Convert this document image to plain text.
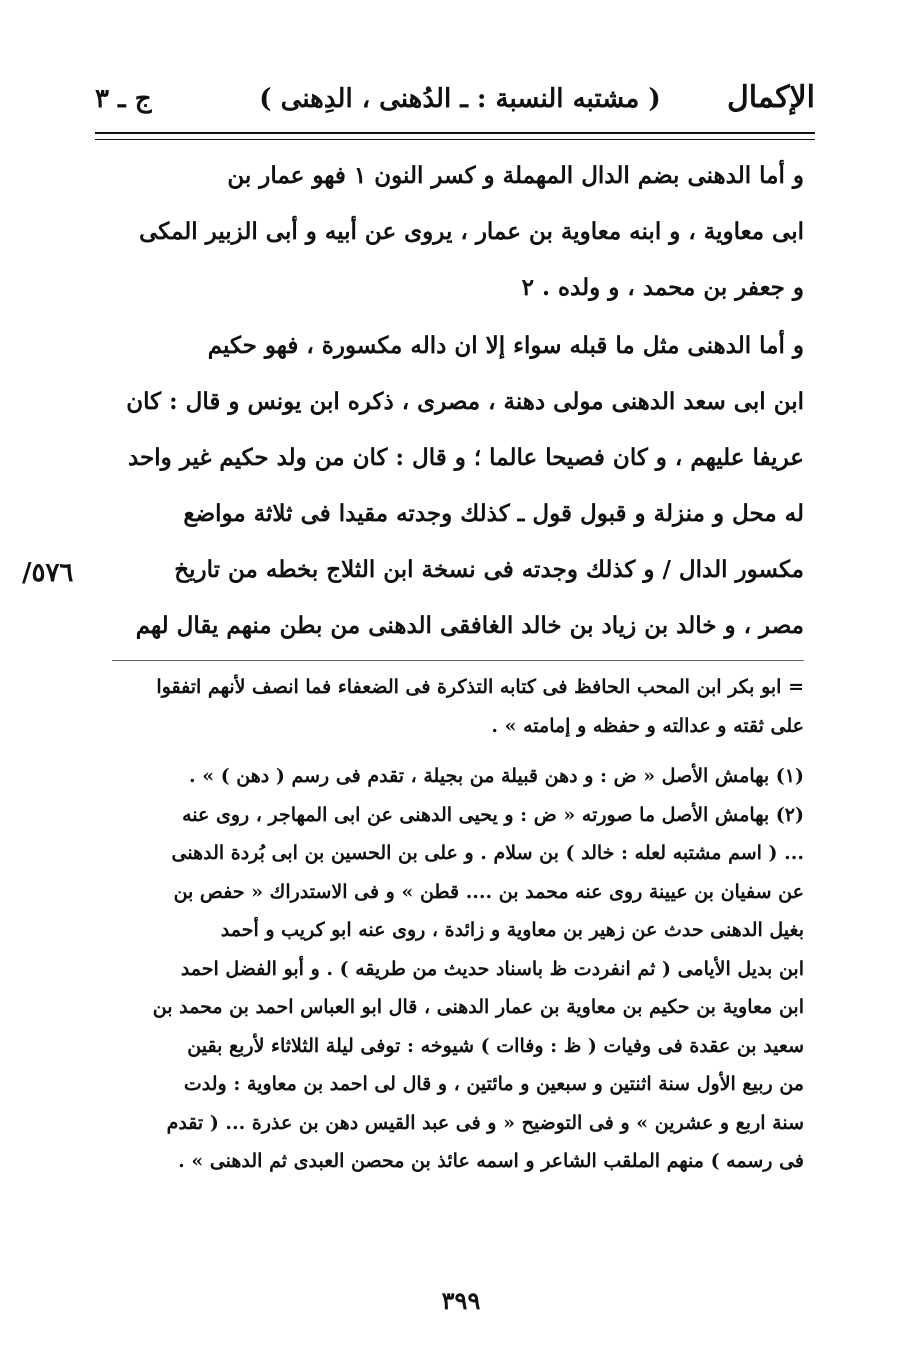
الإكمال
( مشتبه النسبة : ـ الدُهنى ، الدِهنى )
ج ـ ٣
و أما الدهنى بضم الدال المهملة و كسر النون ١ فهو عمار بن
ابى معاوية ، و ابنه معاوية بن عمار ، يروى عن أبيه و أبى الزبير المكى
و جعفر بن محمد ، و ولده . ٢
و أما الدهنى مثل ما قبله سواء إلا ان داله مكسورة ، فهو حكيم
ابن ابى سعد الدهنى مولى دهنة ، مصرى ، ذكره ابن يونس و قال : كان
عريفا عليهم ، و كان فصيحا عالما ؛ و قال : كان من ولد حكيم غير واحد
له محل و منزلة و قبول قول ـ كذلك وجدته مقيدا فى ثلاثة مواضع
مكسور الدال / و كذلك وجدته فى نسخة ابن الثلاج بخطه من تاريخ
مصر ، و خالد بن زياد بن خالد الغافقى الدهنى من بطن منهم يقال لهم
٥٧٦/
= ابو بكر ابن المحب الحافظ فى كتابه التذكرة فى الضعفاء فما انصف لأنهم اتفقوا
على ثقته و عدالته و حفظه و إمامته » .
(١) بهامش الأصل « ض : و دهن قبيلة من بجيلة ، تقدم فى رسم ( دهن ) » .
(٢) بهامش الأصل ما صورته « ض : و يحيى الدهنى عن ابى المهاجر ، روى عنه
... ( اسم مشتبه لعله : خالد ) بن سلام . و على بن الحسين بن ابى بُردة الدهنى
عن سفيان بن عيينة روى عنه محمد بن .... قطن » و فى الاستدراك « حفص بن
بغيل الدهنى حدث عن زهير بن معاوية و زائدة ، روى عنه ابو كريب و أحمد
ابن بديل الأيامى ( ثم انفردت ظ باسناد حديث من طريقه ) . و أبو الفضل احمد
ابن معاوية بن حكيم بن معاوية بن عمار الدهنى ، قال ابو العباس احمد بن محمد بن
سعيد بن عقدة فى وفيات ( ظ : وفاات ) شيوخه : توفى ليلة الثلاثاء لأربع بقين
من ربيع الأول سنة اثنتين و سبعين و مائتين ، و قال لى احمد بن معاوية : ولدت
سنة اربع و عشرين » و فى التوضيح « و فى عبد القيس دهن بن عذرة ... ( تقدم
فى رسمه ) منهم الملقب الشاعر و اسمه عائذ بن محصن العبدى ثم الدهنى » .
٣٩٩
